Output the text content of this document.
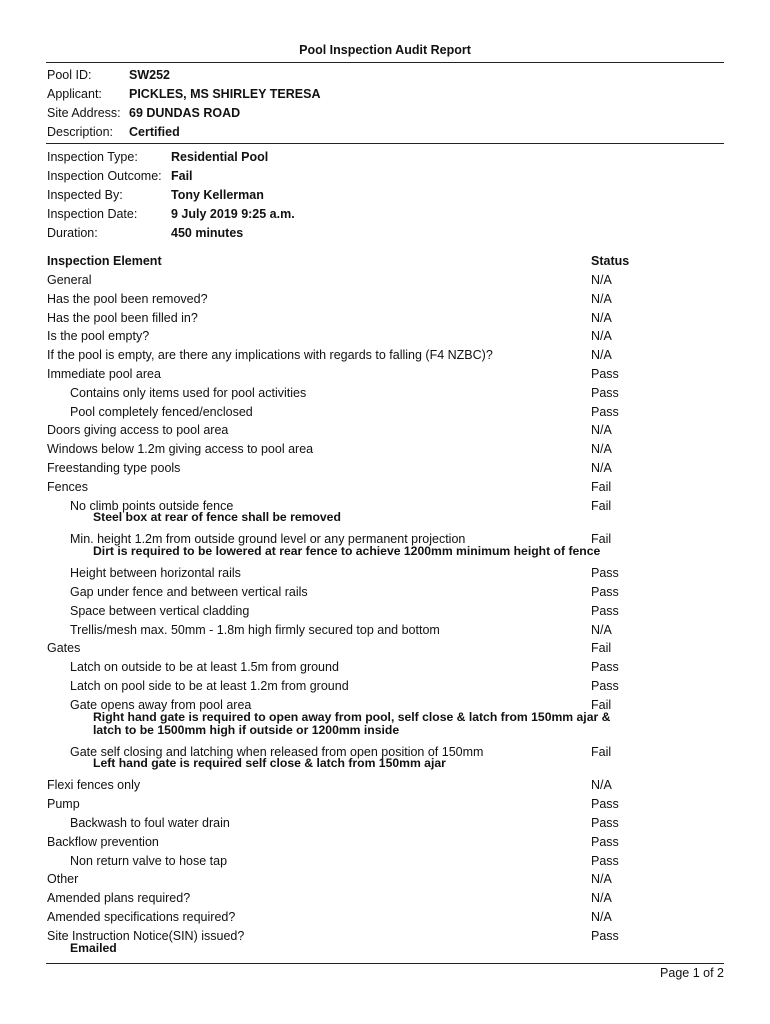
Pool Inspection Audit Report
Pool ID:	SW252
Applicant:	PICKLES, MS SHIRLEY TERESA
Site Address: 69 DUNDAS ROAD
Description:	Certified
Inspection Type:	Residential Pool
Inspection Outcome: Fail
Inspected By:	Tony Kellerman
Inspection Date:	9 July 2019 9:25 a.m.
Duration:	450 minutes
Inspection Element	Status
General	N/A
Has the pool been removed?	N/A
Has the pool been filled in?	N/A
Is the pool empty?	N/A
If the pool is empty, are there any implications with regards to falling (F4 NZBC)?	N/A
Immediate pool area	Pass
Contains only items used for pool activities	Pass
Pool completely fenced/enclosed	Pass
Doors giving access to pool area	N/A
Windows below 1.2m giving access to pool area	N/A
Freestanding type pools	N/A
Fences	Fail
No climb points outside fence	Fail
Steel box at rear of fence shall be removed
Min. height 1.2m from outside ground level or any permanent projection	Fail
Dirt is required to be lowered at rear fence to achieve 1200mm minimum height of fence
Height between horizontal rails	Pass
Gap under fence and between vertical rails	Pass
Space between vertical cladding	Pass
Trellis/mesh max. 50mm - 1.8m high firmly secured top and bottom	N/A
Gates	Fail
Latch on outside to be at least 1.5m from ground	Pass
Latch on pool side to be at least 1.2m from ground	Pass
Gate opens away from pool area	Fail
Right hand gate is required to open away from pool, self close & latch from 150mm ajar &
latch to be 1500mm high if outside or 1200mm inside
Gate self closing and latching when released from open position of 150mm	Fail
Left hand gate is required self close & latch from 150mm ajar
Flexi fences only	N/A
Pump	Pass
Backwash to foul water drain	Pass
Backflow prevention	Pass
Non return valve to hose tap	Pass
Other	N/A
Amended plans required?	N/A
Amended specifications required?	N/A
Site Instruction Notice(SIN) issued?	Pass
Emailed
Page 1 of 2
